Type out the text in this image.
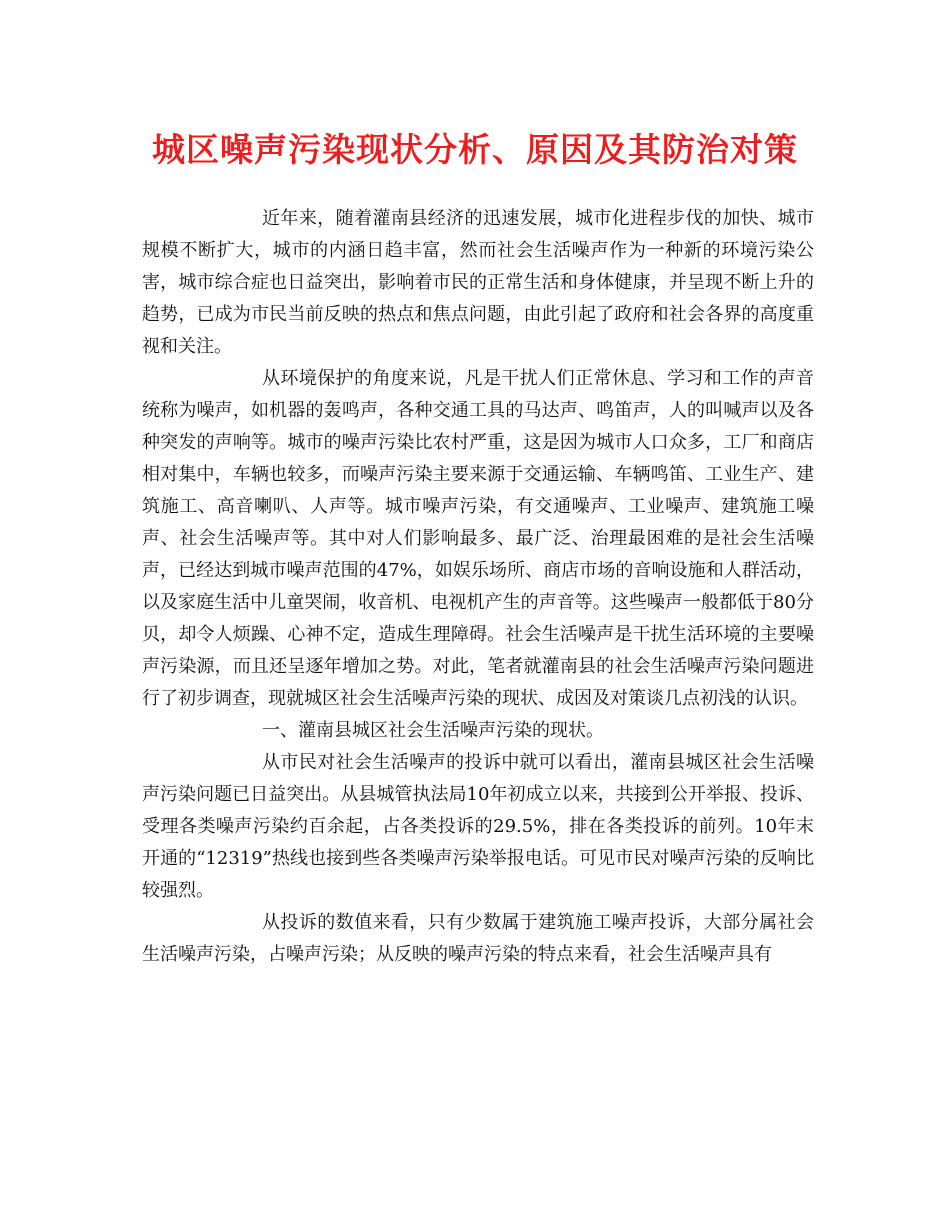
城区噪声污染现状分析、原因及其防治对策

近年来，随着灌南县经济的迅速发展，城市化进程步伐的加快、城市规模不断扩大，城市的内涵日趋丰富，然而社会生活噪声作为一种新的环境污染公害，城市综合症也日益突出，影响着市民的正常生活和身体健康，并呈现不断上升的趋势，已成为市民当前反映的热点和焦点问题，由此引起了政府和社会各界的高度重视和关注。

从环境保护的角度来说，凡是干扰人们正常休息、学习和工作的声音统称为噪声，如机器的轰鸣声，各种交通工具的马达声、鸣笛声，人的叫喊声以及各种突发的声响等。城市的噪声污染比农村严重，这是因为城市人口众多，工厂和商店相对集中，车辆也较多，而噪声污染主要来源于交通运输、车辆鸣笛、工业生产、建筑施工、高音喇叭、人声等。城市噪声污染，有交通噪声、工业噪声、建筑施工噪声、社会生活噪声等。其中对人们影响最多、最广泛、治理最困难的是社会生活噪声，已经达到城市噪声范围的47%，如娱乐场所、商店市场的音响设施和人群活动，以及家庭生活中儿童哭闹，收音机、电视机产生的声音等。这些噪声一般都低于80分贝，却令人烦躁、心神不定，造成生理障碍。社会生活噪声是干扰生活环境的主要噪声污染源，而且还呈逐年增加之势。对此，笔者就灌南县的社会生活噪声污染问题进行了初步调查，现就城区社会生活噪声污染的现状、成因及对策谈几点初浅的认识。

一、灌南县城区社会生活噪声污染的现状。

从市民对社会生活噪声的投诉中就可以看出，灌南县城区社会生活噪声污染问题已日益突出。从县城管执法局10年初成立以来，共接到公开举报、投诉、受理各类噪声污染约百余起，占各类投诉的29.5%，排在各类投诉的前列。10年末开通的“12319”热线也接到些各类噪声污染举报电话。可见市民对噪声污染的反响比较强烈。

从投诉的数值来看，只有少数属于建筑施工噪声投诉，大部分属社会生活噪声污染，占噪声污染；从反映的噪声污染的特点来看，社会生活噪声具有
